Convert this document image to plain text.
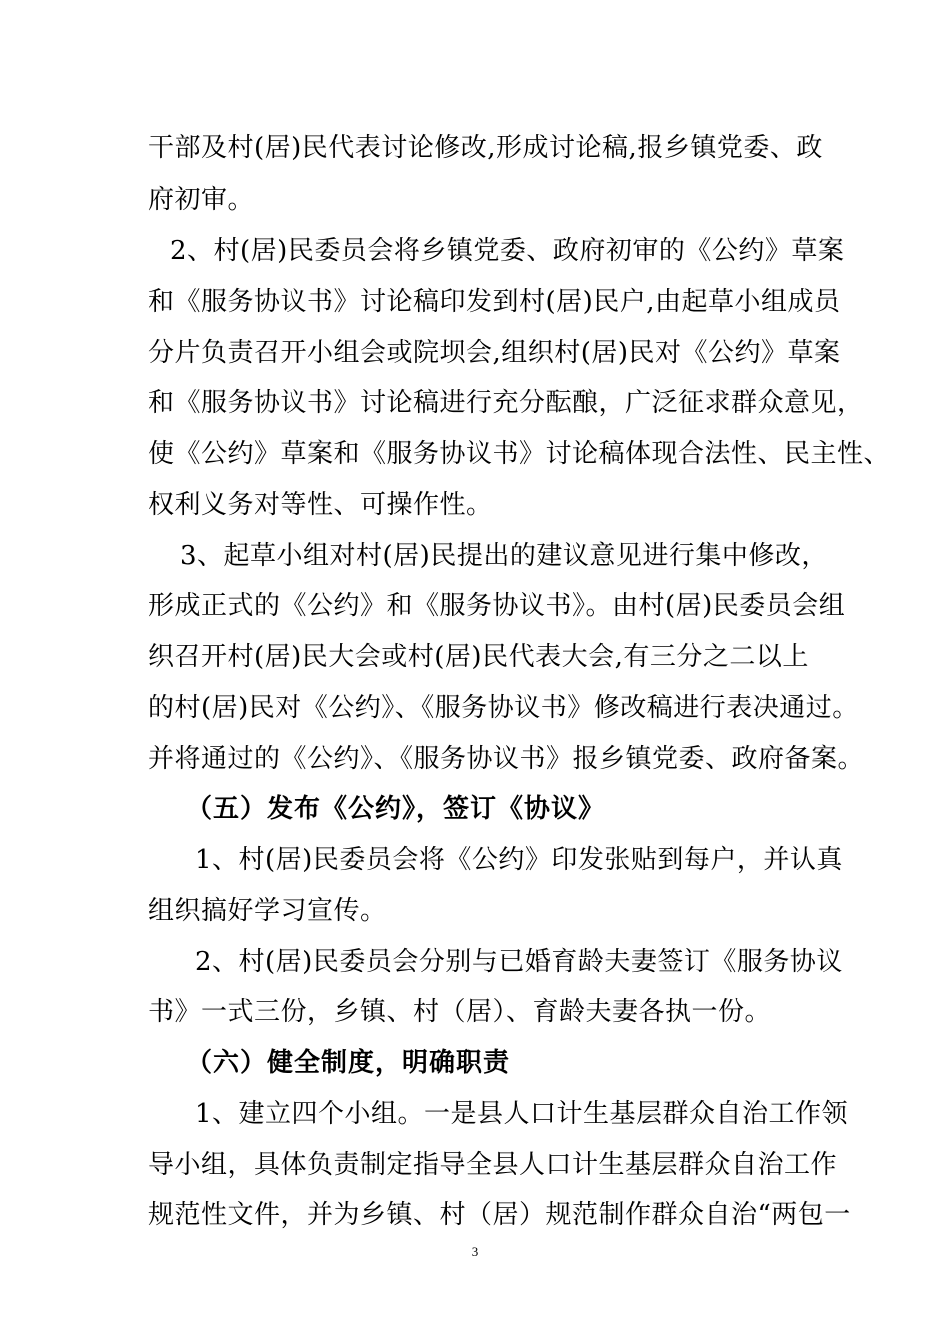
干部及村(居)民代表讨论修改,形成讨论稿,报乡镇党委、政
府初审。
2、村(居)民委员会将乡镇党委、政府初审的《公约》草案
和《服务协议书》讨论稿印发到村(居)民户,由起草小组成员
分片负责召开小组会或院坝会,组织村(居)民对《公约》草案
和《服务协议书》讨论稿进行充分酝酿，广泛征求群众意见，
使《公约》草案和《服务协议书》讨论稿体现合法性、民主性、
权利义务对等性、可操作性。
3、起草小组对村(居)民提出的建议意见进行集中修改，
形成正式的《公约》和《服务协议书》。由村(居)民委员会组
织召开村(居)民大会或村(居)民代表大会,有三分之二以上
的村(居)民对《公约》、《服务协议书》修改稿进行表决通过。
并将通过的《公约》、《服务协议书》报乡镇党委、政府备案。
（五）发布《公约》，签订《协议》
1、村(居)民委员会将《公约》印发张贴到每户，并认真
组织搞好学习宣传。
2、村(居)民委员会分别与已婚育龄夫妻签订《服务协议
书》一式三份，乡镇、村（居）、育龄夫妻各执一份。
（六）健全制度，明确职责
1、建立四个小组。一是县人口计生基层群众自治工作领
导小组，具体负责制定指导全县人口计生基层群众自治工作
规范性文件，并为乡镇、村（居）规范制作群众自治“两包一
3
